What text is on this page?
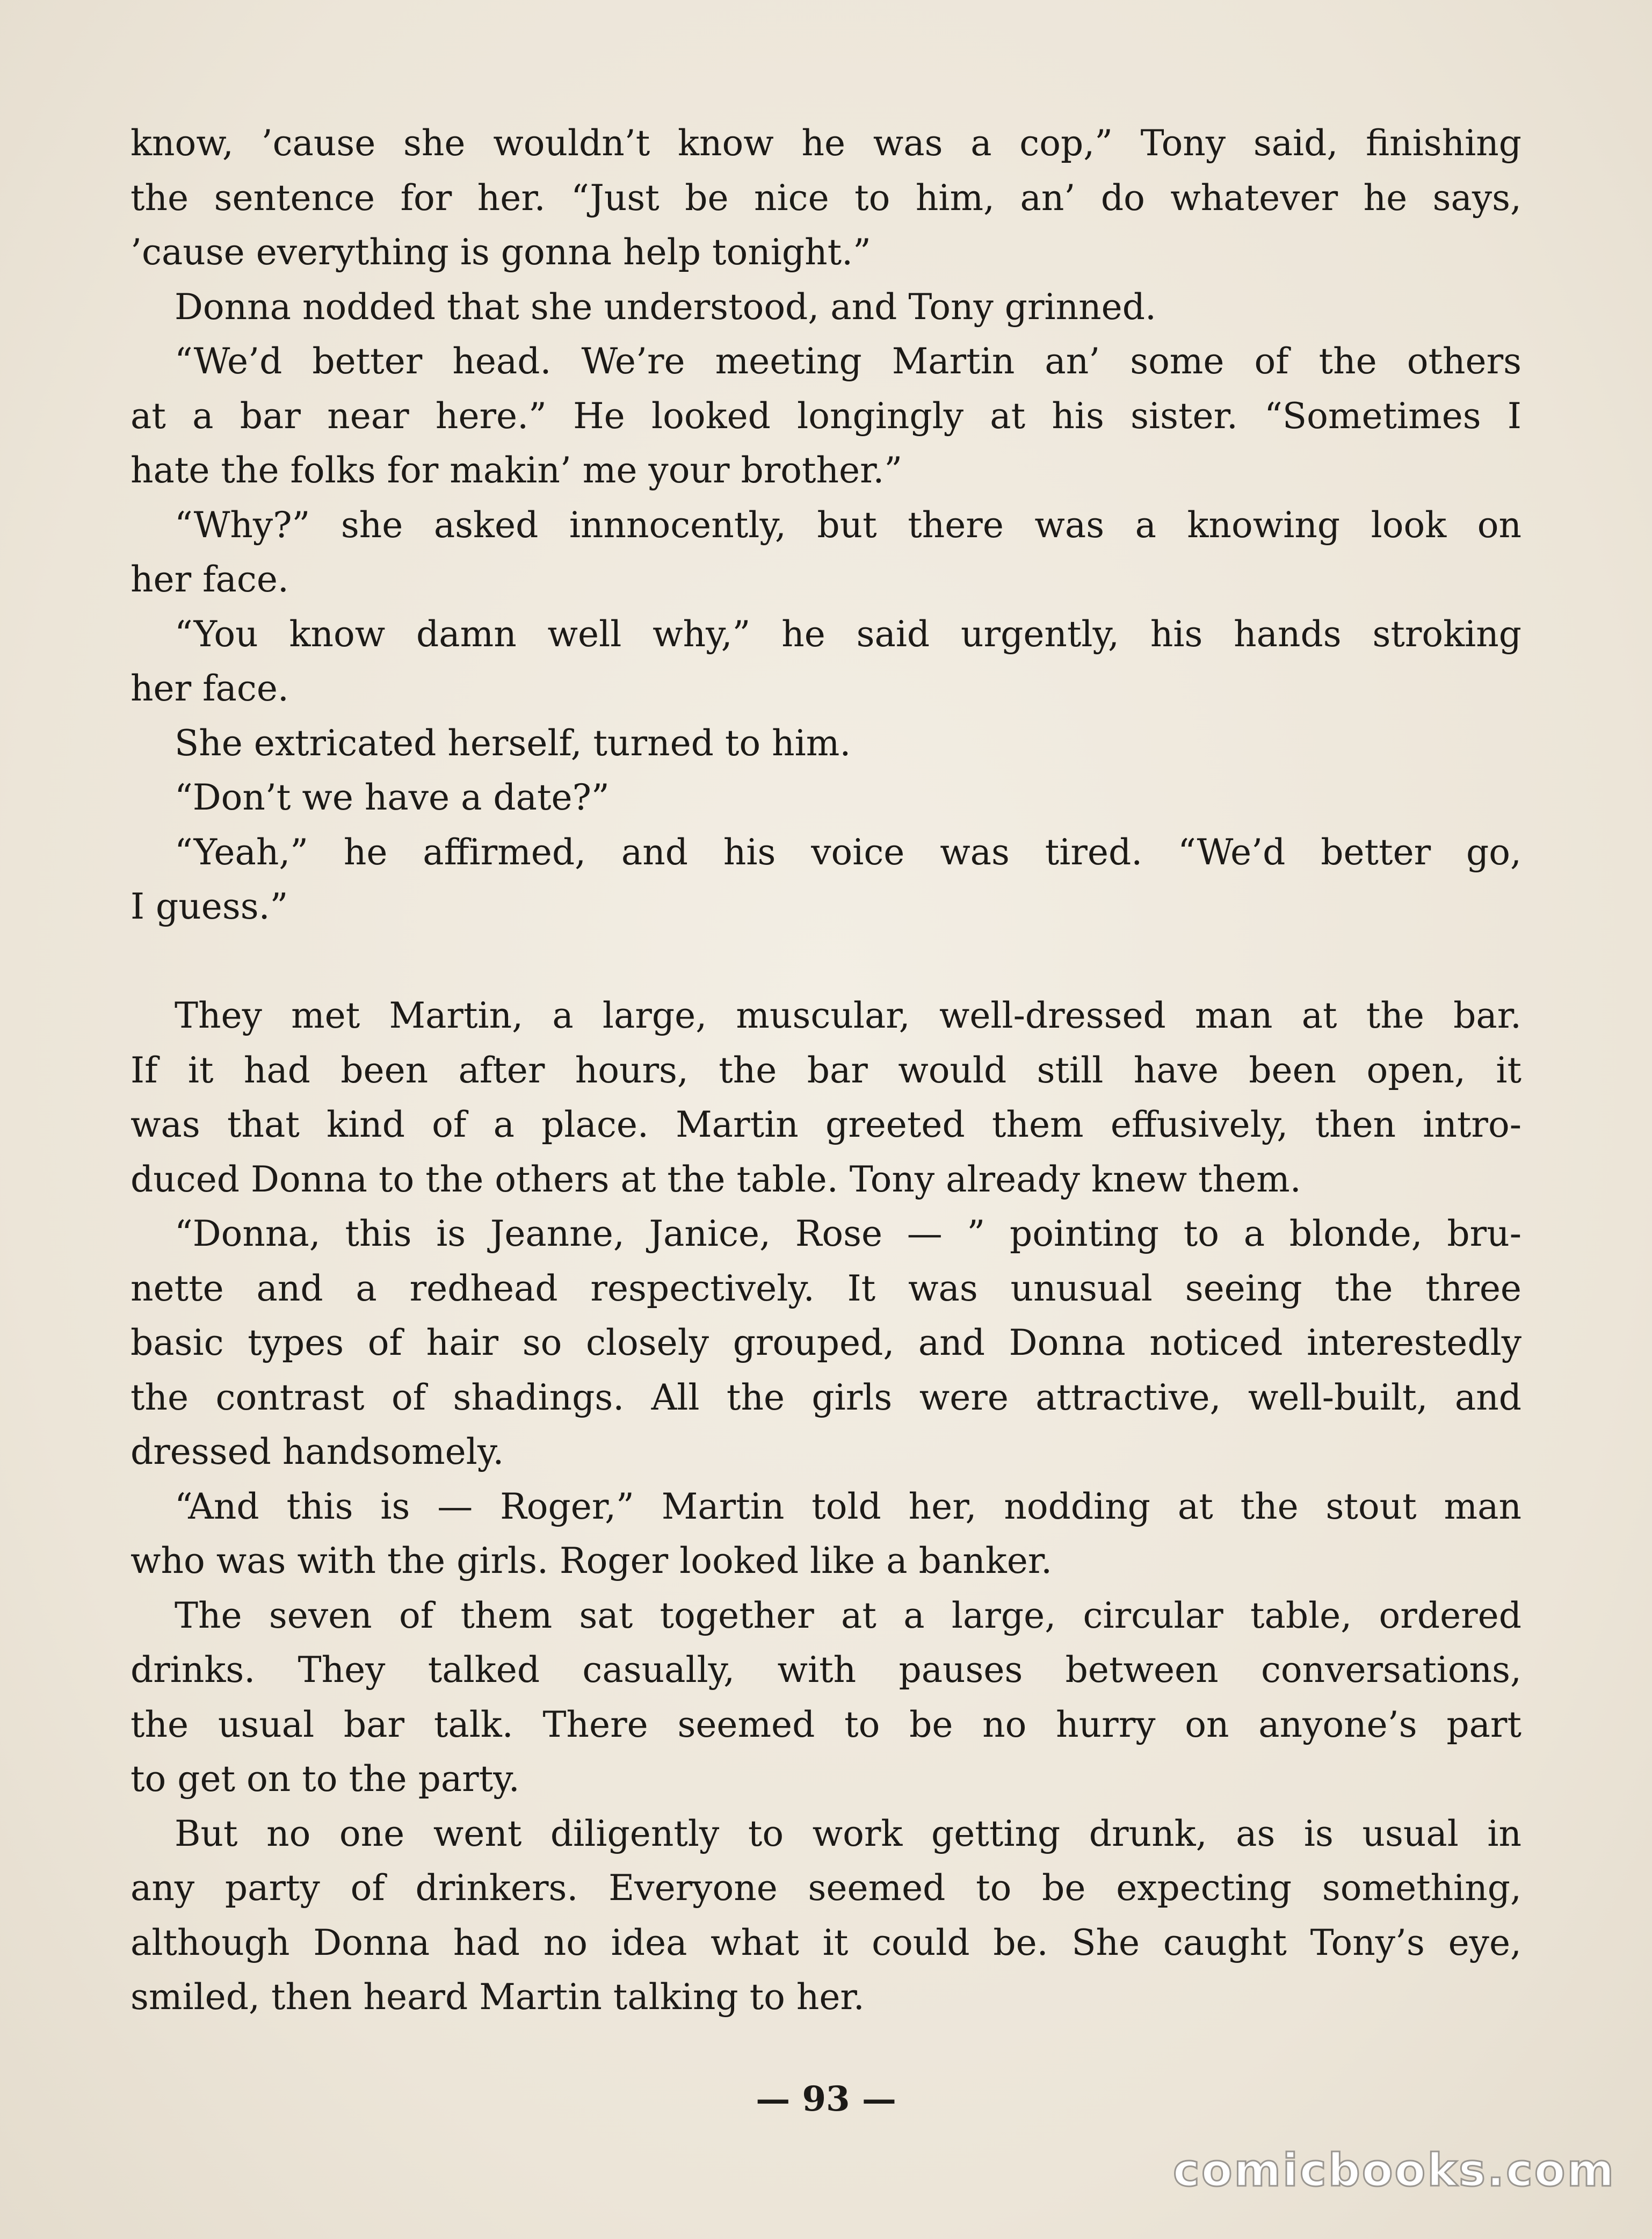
know, ’cause she wouldn’t know he was a cop,” Tony said, finishing
the sentence for her. “Just be nice to him, an’ do whatever he says,
’cause everything is gonna help tonight.”
Donna nodded that she understood, and Tony grinned.
“We’d better head. We’re meeting Martin an’ some of the others
at a bar near here.” He looked longingly at his sister. “Sometimes I
hate the folks for makin’ me your brother.”
“Why?” she asked innnocently, but there was a knowing look on
her face.
“You know damn well why,” he said urgently, his hands stroking
her face.
She extricated herself, turned to him.
“Don’t we have a date?”
“Yeah,” he affirmed, and his voice was tired. “We’d better go,
I guess.”
They met Martin, a large, muscular, well-dressed man at the bar.
If it had been after hours, the bar would still have been open, it
was that kind of a place. Martin greeted them effusively, then intro-
duced Donna to the others at the table. Tony already knew them.
“Donna, this is Jeanne, Janice, Rose — ” pointing to a blonde, bru-
nette and a redhead respectively. It was unusual seeing the three
basic types of hair so closely grouped, and Donna noticed interestedly
the contrast of shadings. All the girls were attractive, well-built, and
dressed handsomely.
“And this is — Roger,” Martin told her, nodding at the stout man
who was with the girls. Roger looked like a banker.
The seven of them sat together at a large, circular table, ordered
drinks. They talked casually, with pauses between conversations,
the usual bar talk. There seemed to be no hurry on anyone’s part
to get on to the party.
But no one went diligently to work getting drunk, as is usual in
any party of drinkers. Everyone seemed to be expecting something,
although Donna had no idea what it could be. She caught Tony’s eye,
smiled, then heard Martin talking to her.
— 93 —
comicbooks.com
